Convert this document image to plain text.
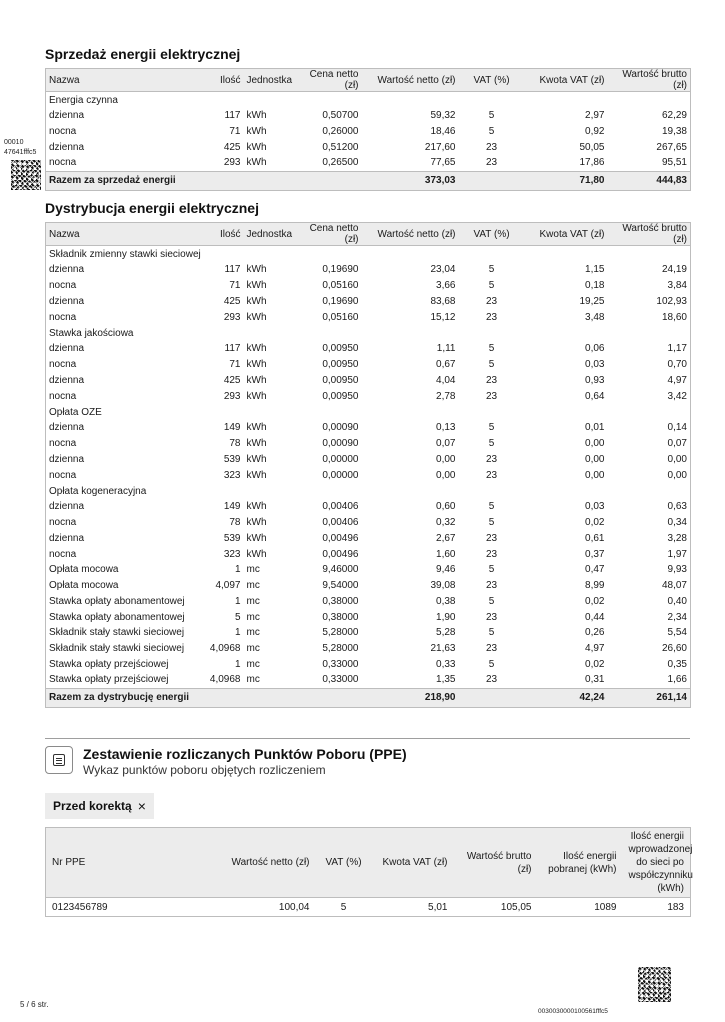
Sprzedaż energii elektrycznej
Nazwa	Ilość	Jednostka	Cena netto (zł)	Wartość netto (zł)	VAT (%)	Kwota VAT (zł)	Wartość brutto (zł)
Energia czynna							
dzienna	117	kWh	0,50700	59,32	5	2,97	62,29
nocna	71	kWh	0,26000	18,46	5	0,92	19,38
dzienna	425	kWh	0,51200	217,60	23	50,05	267,65
nocna	293	kWh	0,26500	77,65	23	17,86	95,51
Razem za sprzedaż energii				373,03		71,80	444,83
00010
47641fffc5
Dystrybucja energii elektrycznej
Nazwa	Ilość	Jednostka	Cena netto (zł)	Wartość netto (zł)	VAT (%)	Kwota VAT (zł)	Wartość brutto (zł)
Składnik zmienny stawki sieciowej							
dzienna	117	kWh	0,19690	23,04	5	1,15	24,19
nocna	71	kWh	0,05160	3,66	5	0,18	3,84
dzienna	425	kWh	0,19690	83,68	23	19,25	102,93
nocna	293	kWh	0,05160	15,12	23	3,48	18,60
Stawka jakościowa							
dzienna	117	kWh	0,00950	1,11	5	0,06	1,17
nocna	71	kWh	0,00950	0,67	5	0,03	0,70
dzienna	425	kWh	0,00950	4,04	23	0,93	4,97
nocna	293	kWh	0,00950	2,78	23	0,64	3,42
Opłata OZE							
dzienna	149	kWh	0,00090	0,13	5	0,01	0,14
nocna	78	kWh	0,00090	0,07	5	0,00	0,07
dzienna	539	kWh	0,00000	0,00	23	0,00	0,00
nocna	323	kWh	0,00000	0,00	23	0,00	0,00
Opłata kogeneracyjna							
dzienna	149	kWh	0,00406	0,60	5	0,03	0,63
nocna	78	kWh	0,00406	0,32	5	0,02	0,34
dzienna	539	kWh	0,00496	2,67	23	0,61	3,28
nocna	323	kWh	0,00496	1,60	23	0,37	1,97
Opłata mocowa	1	mc	9,46000	9,46	5	0,47	9,93
Opłata mocowa	4,097	mc	9,54000	39,08	23	8,99	48,07
Stawka opłaty abonamentowej	1	mc	0,38000	0,38	5	0,02	0,40
Stawka opłaty abonamentowej	5	mc	0,38000	1,90	23	0,44	2,34
Składnik stały stawki sieciowej	1	mc	5,28000	5,28	5	0,26	5,54
Składnik stały stawki sieciowej	4,0968	mc	5,28000	21,63	23	4,97	26,60
Stawka opłaty przejściowej	1	mc	0,33000	0,33	5	0,02	0,35
Stawka opłaty przejściowej	4,0968	mc	0,33000	1,35	23	0,31	1,66
Razem za dystrybucję energii				218,90		42,24	261,14
Zestawienie rozliczanych Punktów Poboru (PPE)
Wykaz punktów poboru objętych rozliczeniem
Przed korektą ×
Nr PPE	Wartość netto (zł)	VAT (%)	Kwota VAT (zł)	Wartość brutto (zł)	Ilość energii pobranej (kWh)	Ilość energii wprowadzonej do sieci po współczynniku (kWh)
0123456789	100,04	5	5,01	105,05	1089	183
5 / 6 str.
0030030000100561fffc5
